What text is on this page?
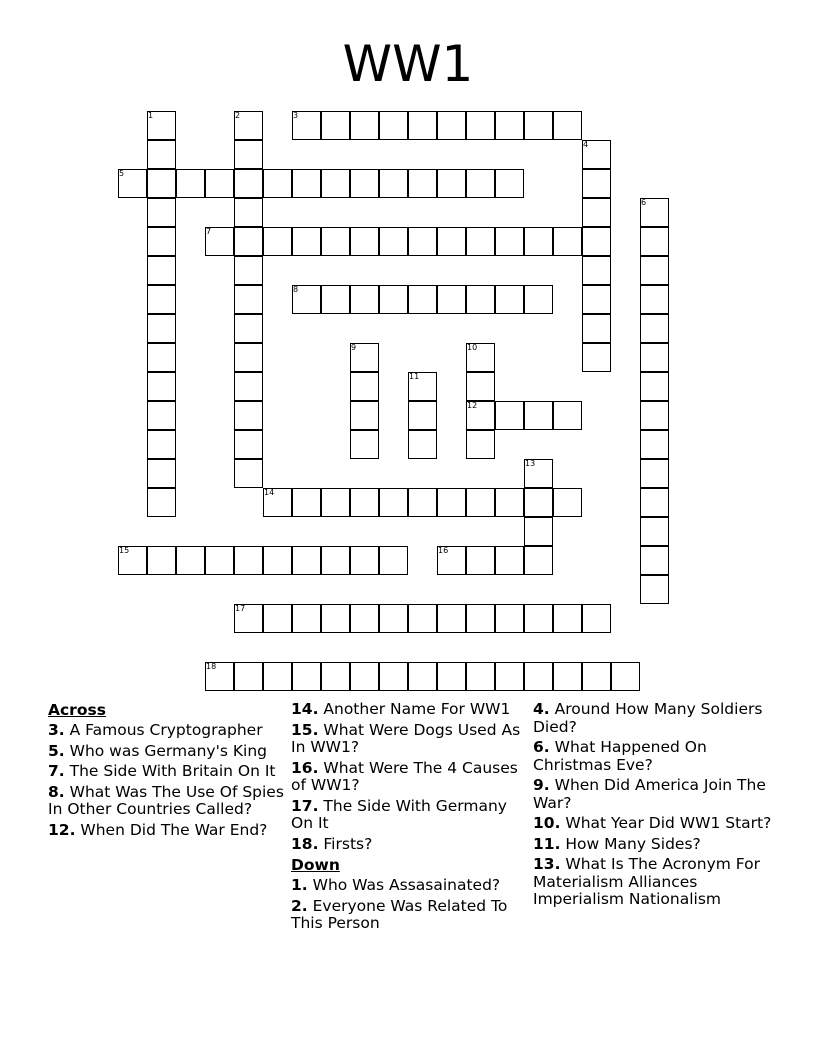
WW1
1	2	3
4
5
6
7
8
9	10
11
12
13
14
15	16
17
18
Across
3. A Famous Cryptographer
5. Who was Germany's King
7. The Side With Britain On It
8. What Was The Use Of Spies In Other Countries Called?
12. When Did The War End?
14. Another Name For WW1
15. What Were Dogs Used As In WW1?
16. What Were The 4 Causes of WW1?
17. The Side With Germany On It
18. Firsts?
Down
1. Who Was Assasainated?
2. Everyone Was Related To This Person
4. Around How Many Soldiers Died?
6. What Happened On Christmas Eve?
9. When Did America Join The War?
10. What Year Did WW1 Start?
11. How Many Sides?
13. What Is The Acronym For Materialism Alliances Imperialism Nationalism
